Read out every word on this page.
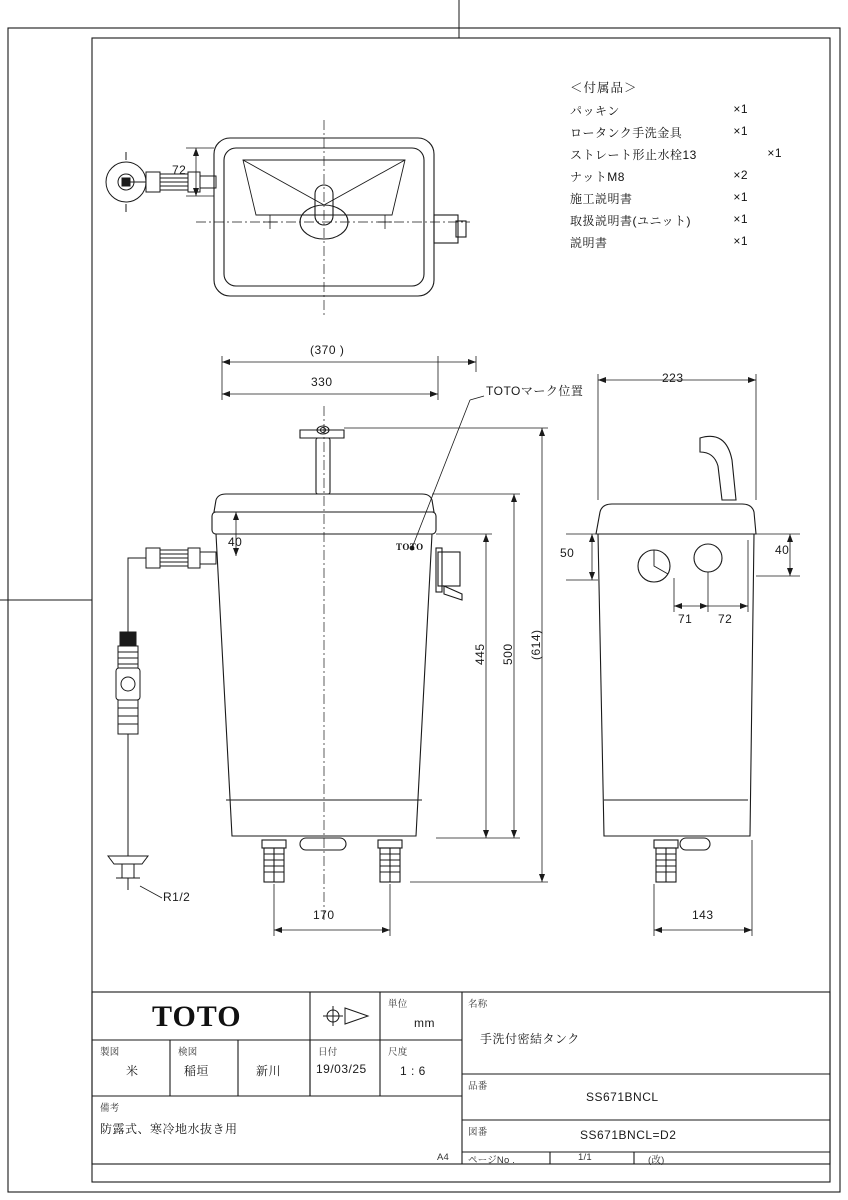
＜付属品＞
パッキン	×1
ロータンク手洗金具	×1
ストレート形止水栓13	×1
ナットM8	×2
施工説明書	×1
取扱説明書(ユニット)	×1
説明書	×1
72
(370 )
330
40
445 500 (614)
170
223
50	40
71 72
143
TOTOマーク位置
R1/2
TOTO
TOTO	単位
mm
日付
19/03/25
尺度
1 : 6
製図
米
検図
稲垣	新川
備考
防露式、寒冷地水抜き用
名称
手洗付密結タンク
品番
SS671BNCL
図番	SS671BNCL=D2
A4 ページNo .	1/1	(改)
